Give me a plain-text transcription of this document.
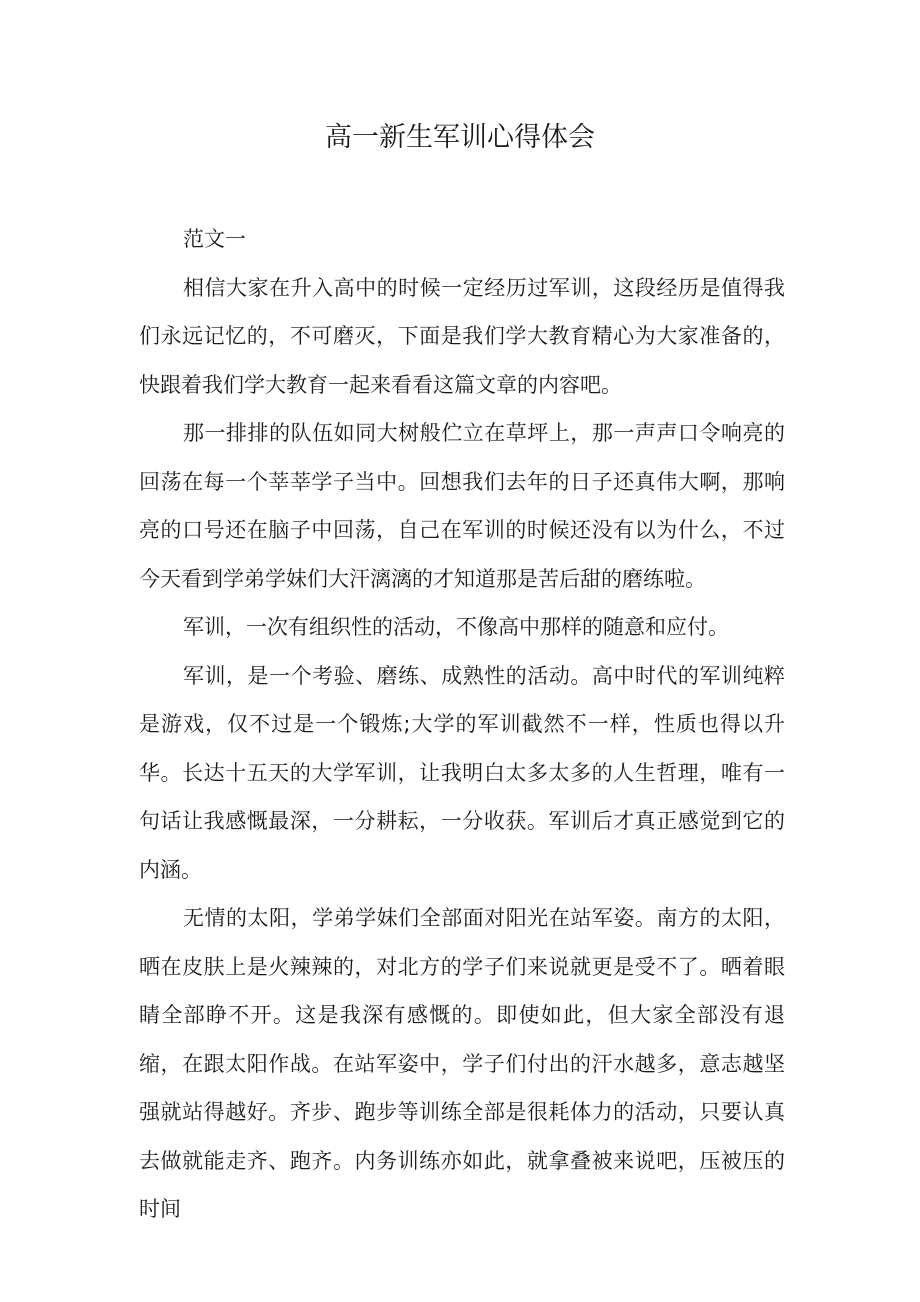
高一新生军训心得体会

范文一

相信大家在升入高中的时候一定经历过军训，这段经历是值得我们永远记忆的，不可磨灭，下面是我们学大教育精心为大家准备的，快跟着我们学大教育一起来看看这篇文章的内容吧。

那一排排的队伍如同大树般伫立在草坪上，那一声声口令响亮的回荡在每一个莘莘学子当中。回想我们去年的日子还真伟大啊，那响亮的口号还在脑子中回荡，自己在军训的时候还没有以为什么，不过今天看到学弟学妹们大汗漓漓的才知道那是苦后甜的磨练啦。

军训，一次有组织性的活动，不像高中那样的随意和应付。

军训，是一个考验、磨练、成熟性的活动。高中时代的军训纯粹是游戏，仅不过是一个锻炼;大学的军训截然不一样，性质也得以升华。长达十五天的大学军训，让我明白太多太多的人生哲理，唯有一句话让我感慨最深，一分耕耘，一分收获。军训后才真正感觉到它的内涵。

无情的太阳，学弟学妹们全部面对阳光在站军姿。南方的太阳，晒在皮肤上是火辣辣的，对北方的学子们来说就更是受不了。晒着眼睛全部睁不开。这是我深有感慨的。即使如此，但大家全部没有退缩，在跟太阳作战。在站军姿中，学子们付出的汗水越多，意志越坚强就站得越好。齐步、跑步等训练全部是很耗体力的活动，只要认真去做就能走齐、跑齐。内务训练亦如此，就拿叠被来说吧，压被压的时间
